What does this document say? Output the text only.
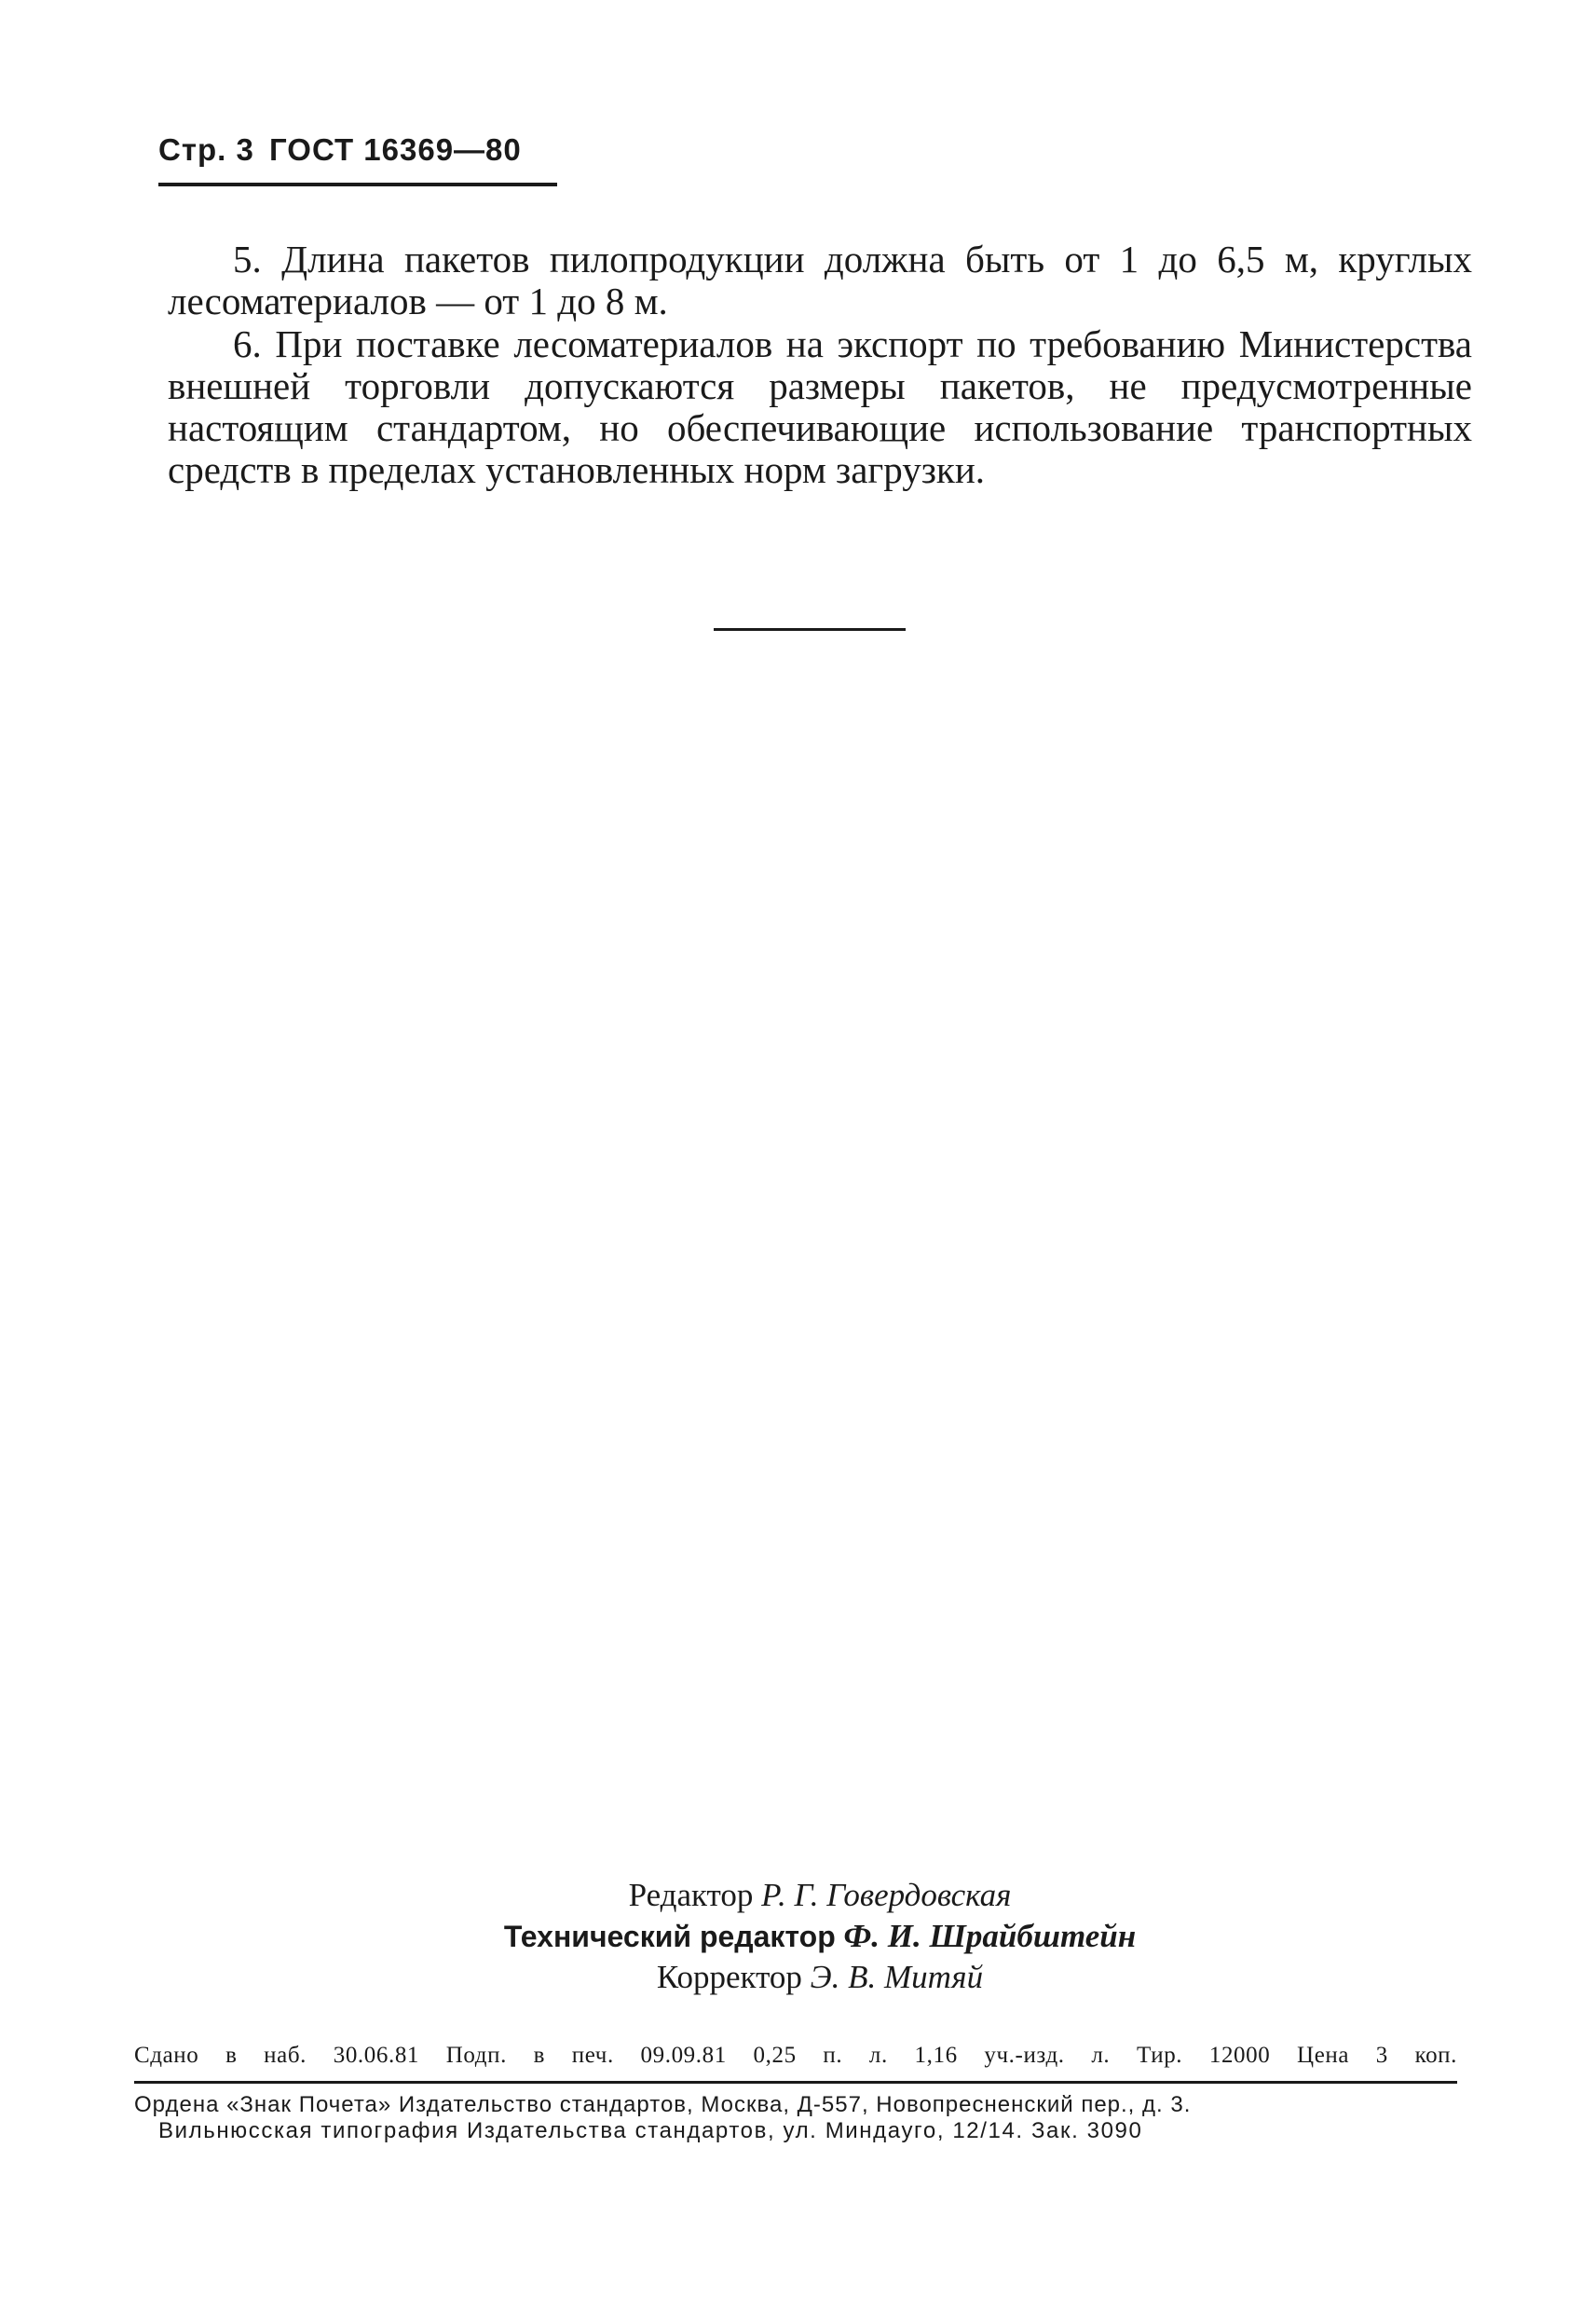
Стр. 3 ГОСТ 16369—80
5. Длина пакетов пилопродукции должна быть от 1 до 6,5 м, круглых лесоматериалов — от 1 до 8 м.
6. При поставке лесоматериалов на экспорт по требованию Министерства внешней торговли допускаются размеры пакетов, не предусмотренные настоящим стандартом, но обеспечивающие использование транспортных средств в пределах установленных норм загрузки.
Редактор Р. Г. Говердовская
Технический редактор Ф. И. Шрайбштейн
Корректор Э. В. Митяй
Сдано в наб. 30.06.81 Подп. в печ. 09.09.81 0,25 п. л. 1,16 уч.-изд. л. Тир. 12000 Цена 3 коп.
Ордена «Знак Почета» Издательство стандартов, Москва, Д-557, Новопресненский пер., д. 3.
Вильнюсская типография Издательства стандартов, ул. Миндауго, 12/14. Зак. 3090
